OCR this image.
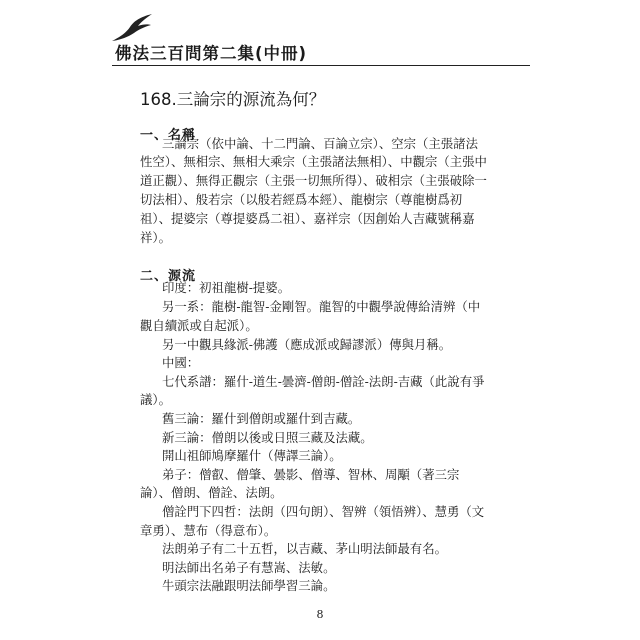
佛法三百問第二集(中冊)
168.三論宗的源流為何？
一、名稱
三論宗（依中論、十二門論、百論立宗）、空宗（主張諸法
性空）、無相宗、無相大乘宗（主張諸法無相）、中觀宗（主張中
道正觀）、無得正觀宗（主張一切無所得）、破相宗（主張破除一
切法相）、般若宗（以般若經爲本經）、龍樹宗（尊龍樹爲初
祖）、提婆宗（尊提婆爲二祖）、嘉祥宗（因創始人吉藏號稱嘉
祥）。
二、源流
印度：初祖龍樹-提婆。
另一系：龍樹-龍智-金剛智。龍智的中觀學說傳給清辨（中
觀自續派或自起派）。
另一中觀具緣派-佛護（應成派或歸謬派）傳與月稱。
中國：
七代系譜：羅什-道生-曇濟-僧朗-僧詮-法朗-吉藏（此說有爭
議）。
舊三論：羅什到僧朗或羅什到吉藏。
新三論：僧朗以後或日照三藏及法藏。
開山祖師鳩摩羅什（傳譯三論）。
弟子：僧叡、僧肇、曇影、僧導、智林、周顒（著三宗
論）、僧朗、僧詮、法朗。
僧詮門下四哲：法朗（四句朗）、智辨（領悟辨）、慧勇（文
章勇）、慧布（得意布）。
法朗弟子有二十五哲，以吉藏、茅山明法師最有名。
明法師出名弟子有慧嵩、法敏。
牛頭宗法融跟明法師學習三論。
8
